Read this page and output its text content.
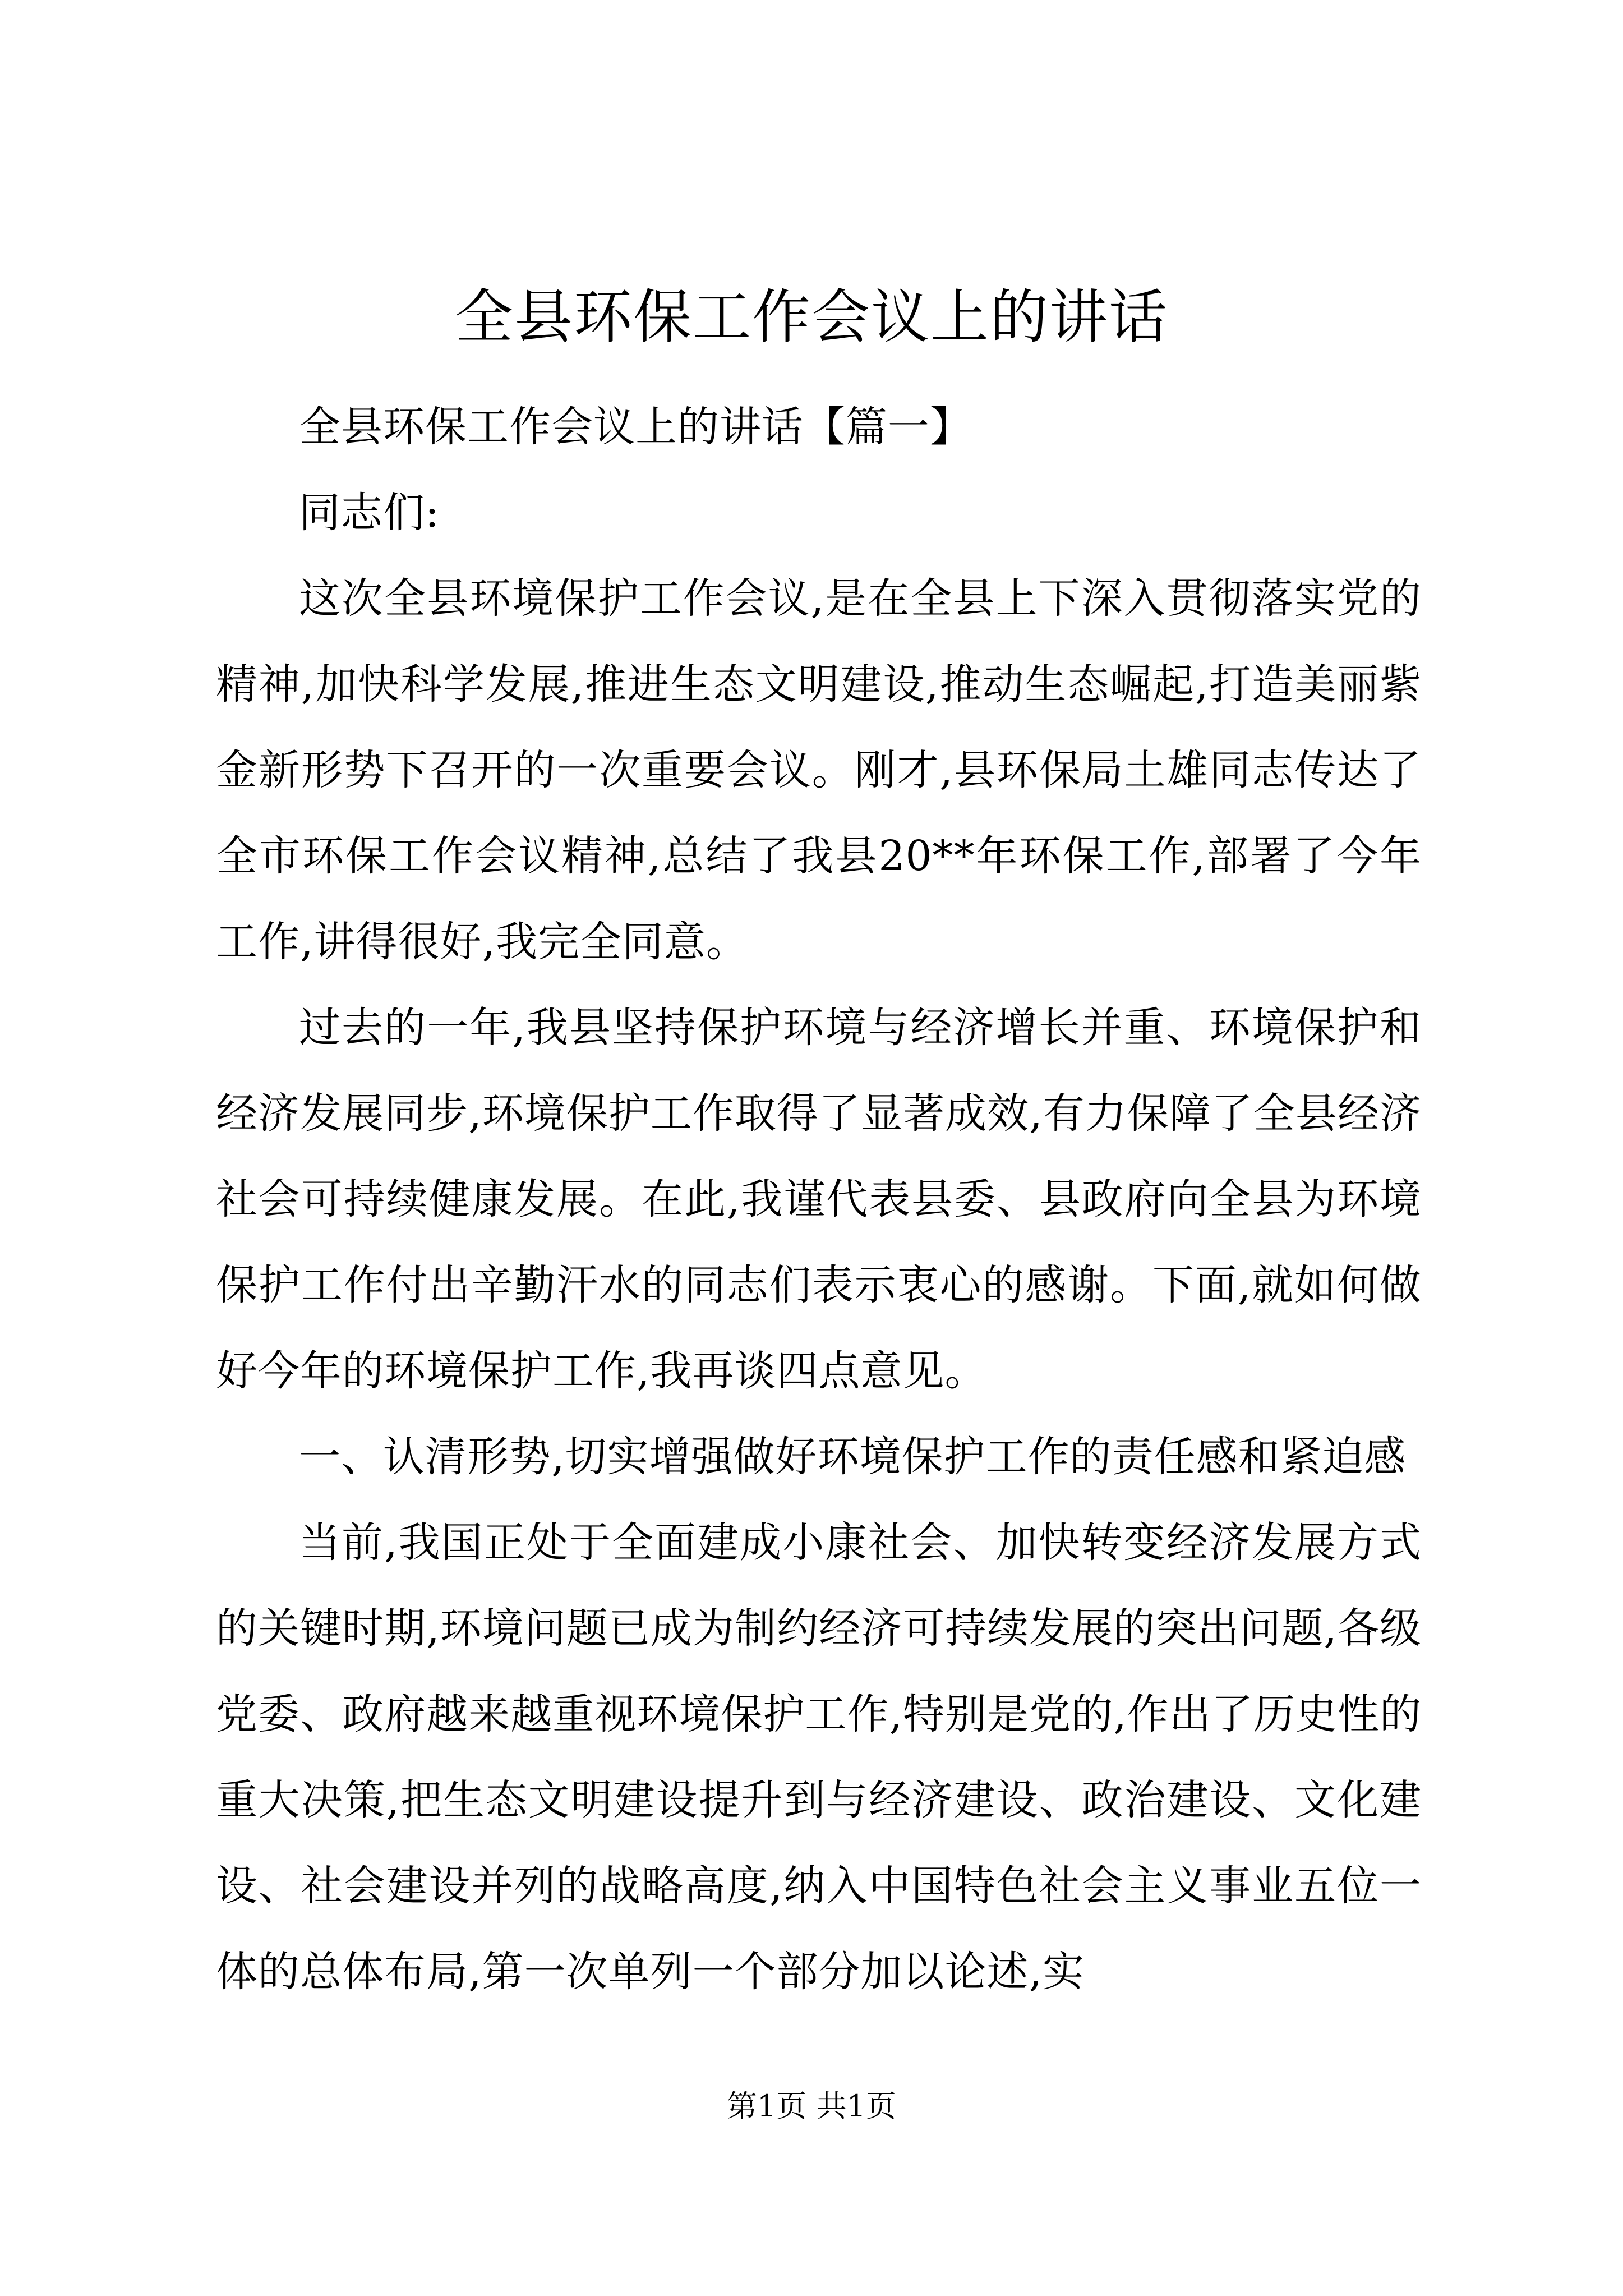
全县环保工作会议上的讲话

全县环保工作会议上的讲话【篇一】

同志们:

这次全县环境保护工作会议,是在全县上下深入贯彻落实党的精神,加快科学发展,推进生态文明建设,推动生态崛起,打造美丽紫金新形势下召开的一次重要会议。刚才,县环保局土雄同志传达了全市环保工作会议精神,总结了我县20**年环保工作,部署了今年工作,讲得很好,我完全同意。

过去的一年,我县坚持保护环境与经济增长并重、环境保护和经济发展同步,环境保护工作取得了显著成效,有力保障了全县经济社会可持续健康发展。在此,我谨代表县委、县政府向全县为环境保护工作付出辛勤汗水的同志们表示衷心的感谢。下面,就如何做好今年的环境保护工作,我再谈四点意见。

一、认清形势,切实增强做好环境保护工作的责任感和紧迫感

当前,我国正处于全面建成小康社会、加快转变经济发展方式的关键时期,环境问题已成为制约经济可持续发展的突出问题,各级党委、政府越来越重视环境保护工作,特别是党的,作出了历史性的重大决策,把生态文明建设提升到与经济建设、政治建设、文化建设、社会建设并列的战略高度,纳入中国特色社会主义事业五位一体的总体布局,第一次单列一个部分加以论述,实

第1页 共1页
